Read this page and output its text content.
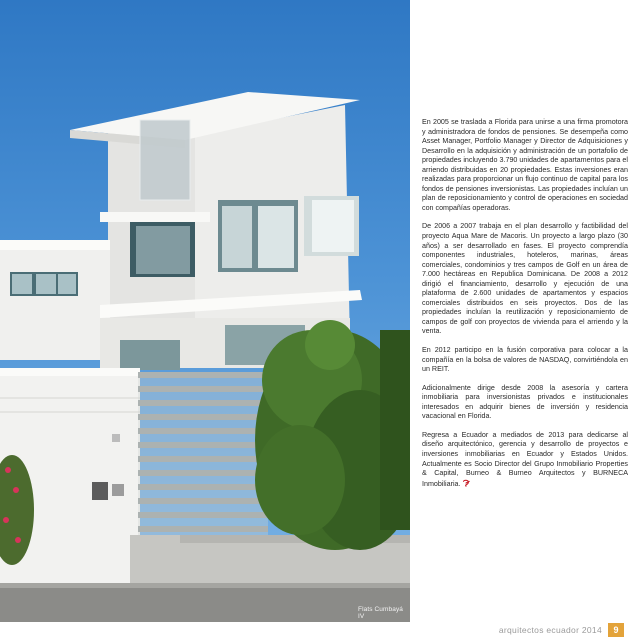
Flats Cumbayá IV

En 2005 se traslada a Florida para unirse a una firma promotora y administradora de fondos de pensiones. Se desempeña como Asset Manager, Portfolio Manager y Director de Adquisiciones y Desarrollo en la adquisición y administración de un portafolio de propiedades incluyendo 3.790 unidades de apartamentos para el arriendo distribuidas en 20 propiedades. Estas inversiones eran realizadas para proporcionar un flujo continuo de capital para los fondos de pensiones inversionistas. Las propiedades incluían un plan de reposicionamiento y control de operaciones en sociedad con compañías operadoras.

De 2006 a 2007 trabaja en el plan desarrollo y factibilidad del proyecto Aqua Mare de Macoris. Un proyecto a largo plazo (30 años) a ser desarrollado en fases. El proyecto comprendía componentes industriales, hoteleros, marinas, áreas comerciales, condominios y tres campos de Golf en un área de 7.000 hectáreas en Republica Dominicana. De 2008 a 2012 dirigió el financiamiento, desarrollo y ejecución de una plataforma de 2.600 unidades de apartamentos y espacios comerciales distribuidos en seis proyectos. Dos de las propiedades incluían la reutilización y reposicionamiento de campos de golf con proyectos de vivienda para el arriendo y la venta.

En 2012 participo en la fusión corporativa para colocar a la compañía en la bolsa de valores de NASDAQ, convirtiéndola en un REIT.

Adicionalmente dirige desde 2008 la asesoría y cartera inmobiliaria para inversionistas privados e institucionales interesados en adquirir bienes de inversión y residencia vacacional en Florida.

Regresa a Ecuador a mediados de 2013 para dedicarse al diseño arquitectónico, gerencia y desarrollo de proyectos e inversiones inmobiliarias en Ecuador y Estados Unidos. Actualmente es Socio Director del Grupo Inmobiliario Properties & Capital, Burneo & Burneo Arquitectos y BURNECA Inmobiliaria.

arquitectos ecuador 2014	9
